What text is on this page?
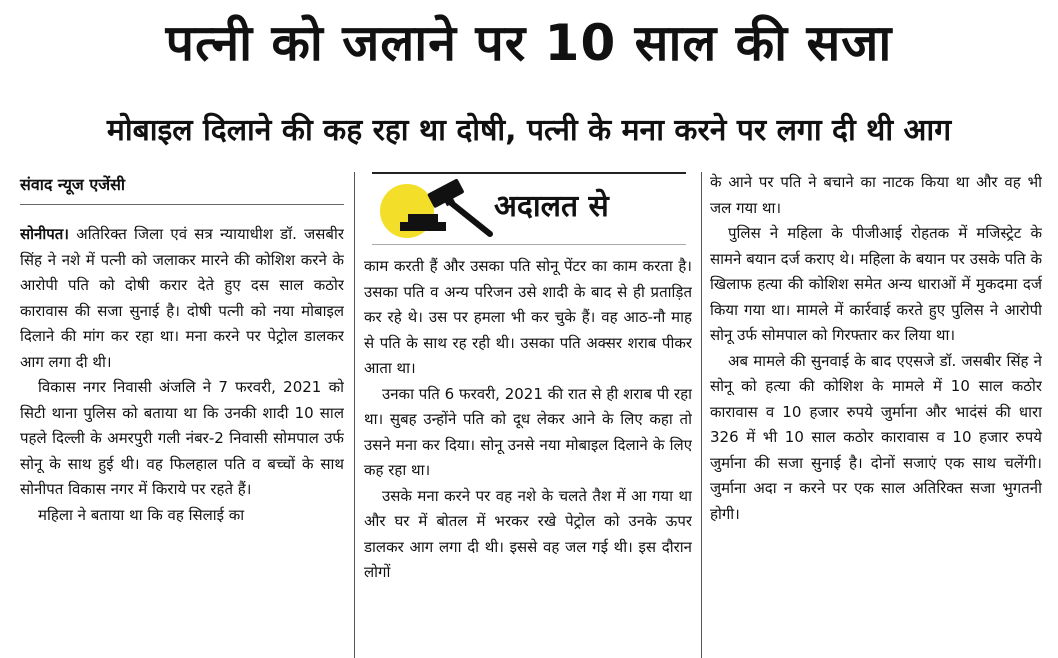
पत्नी को जलाने पर 10 साल की सजा
मोबाइल दिलाने की कह रहा था दोषी, पत्नी के मना करने पर लगा दी थी आग
संवाद न्यूज एजेंसी
अदालत से

सोनीपत। अतिरिक्त जिला एवं सत्र न्यायाधीश डॉ. जसबीर सिंह ने नशे में पत्नी को जलाकर मारने की कोशिश करने के आरोपी पति को दोषी करार देते हुए दस साल कठोर कारावास की सजा सुनाई है। दोषी पत्नी को नया मोबाइल दिलाने की मांग कर रहा था। मना करने पर पेट्रोल डालकर आग लगा दी थी।

विकास नगर निवासी अंजलि ने 7 फरवरी, 2021 को सिटी थाना पुलिस को बताया था कि उनकी शादी 10 साल पहले दिल्ली के अमरपुरी गली नंबर-2 निवासी सोमपाल उर्फ सोनू के साथ हुई थी। वह फिलहाल पति व बच्चों के साथ सोनीपत विकास नगर में किराये पर रहते हैं।

महिला ने बताया था कि वह सिलाई का

काम करती हैं और उसका पति सोनू पेंटर का काम करता है। उसका पति व अन्य परिजन उसे शादी के बाद से ही प्रताड़ित कर रहे थे। उस पर हमला भी कर चुके हैं। वह आठ-नौ माह से पति के साथ रह रही थी। उसका पति अक्सर शराब पीकर आता था।

उनका पति 6 फरवरी, 2021 की रात से ही शराब पी रहा था। सुबह उन्होंने पति को दूध लेकर आने के लिए कहा तो उसने मना कर दिया। सोनू उनसे नया मोबाइल दिलाने के लिए कह रहा था।

उसके मना करने पर वह नशे के चलते तैश में आ गया था और घर में बोतल में भरकर रखे पेट्रोल को उनके ऊपर डालकर आग लगा दी थी। इससे वह जल गई थी। इस दौरान लोगों

के आने पर पति ने बचाने का नाटक किया था और वह भी जल गया था।

पुलिस ने महिला के पीजीआई रोहतक में मजिस्ट्रेट के सामने बयान दर्ज कराए थे। महिला के बयान पर उसके पति के खिलाफ हत्या की कोशिश समेत अन्य धाराओं में मुकदमा दर्ज किया गया था। मामले में कार्रवाई करते हुए पुलिस ने आरोपी सोनू उर्फ सोमपाल को गिरफ्तार कर लिया था।

अब मामले की सुनवाई के बाद एएसजे डॉ. जसबीर सिंह ने सोनू को हत्या की कोशिश के मामले में 10 साल कठोर कारावास व 10 हजार रुपये जुर्माना और भादंसं की धारा 326 में भी 10 साल कठोर कारावास व 10 हजार रुपये जुर्माना की सजा सुनाई है। दोनों सजाएं एक साथ चलेंगी। जुर्माना अदा न करने पर एक साल अतिरिक्त सजा भुगतनी होगी।
